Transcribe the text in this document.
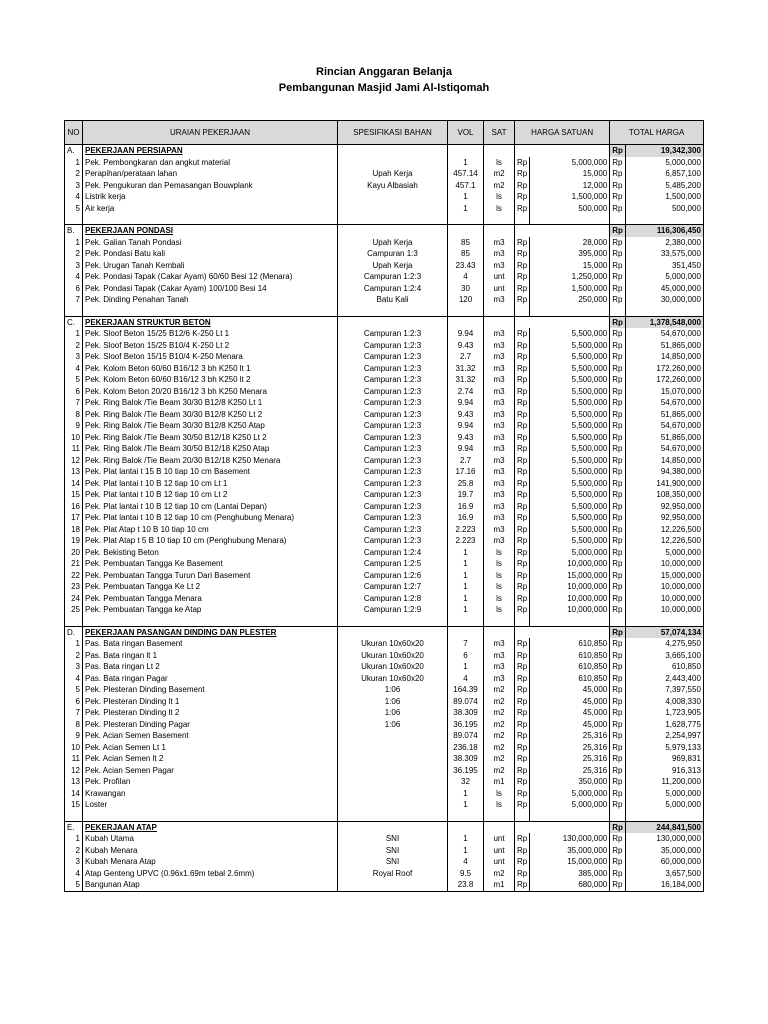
Rincian Anggaran Belanja
Pembangunan Masjid Jami Al-Istiqomah
NO	URAIAN PEKERJAAN	SPESIFIKASI BAHAN	VOL	SAT	HARGA SATUAN		TOTAL HARGA	
A.	PEKERJAAN PERSIAPAN						Rp	19,342,300
1	Pek. Pembongkaran dan angkut material		1	ls	Rp	5,000,000	Rp	5,000,000
2	Perapihan/perataan lahan	Upah Kerja	457.14	m2	Rp	15,000	Rp	6,857,100
3	Pek. Pengukuran dan Pemasangan Bouwplank	Kayu Albasiah	457.1	m2	Rp	12,000	Rp	5,485,200
4	Listrik kerja		1	ls	Rp	1,500,000	Rp	1,500,000
5	Air kerja		1	ls	Rp	500,000	Rp	500,000

B.	PEKERJAAN PONDASI						Rp	116,306,450
1	Pek. Galian Tanah Pondasi	Upah Kerja	85	m3	Rp	28,000	Rp	2,380,000
2	Pek. Pondasi Batu kali	Campuran 1:3	85	m3	Rp	395,000	Rp	33,575,000
3	Pek. Urugan Tanah Kembali	Upah Kerja	23.43	m3	Rp	15,000	Rp	351,450
4	Pek. Pondasi Tapak (Cakar Ayam) 60/60 Besi 12 (Menara)	Campuran 1:2:3	4	unt	Rp	1,250,000	Rp	5,000,000
6	Pek. Pondasi Tapak (Cakar Ayam) 100/100 Besi 14	Campuran 1:2:4	30	unt	Rp	1,500,000	Rp	45,000,000
7	Pek. Dinding Penahan Tanah	Batu Kali	120	m3	Rp	250,000	Rp	30,000,000

C.	PEKERJAAN STRUKTUR BETON						Rp	1,378,548,000
1	Pek. Sloof Beton 15/25 B12/6 K-250 Lt 1	Campuran 1:2:3	9.94	m3	Rp	5,500,000	Rp	54,670,000
2	Pek. Sloof Beton 15/25 B10/4 K-250 Lt 2	Campuran 1:2:3	9.43	m3	Rp	5,500,000	Rp	51,865,000
3	Pek. Sloof Beton 15/15 B10/4 K-250 Menara	Campuran 1:2:3	2.7	m3	Rp	5,500,000	Rp	14,850,000
4	Pek. Kolom Beton 60/60 B16/12 3 bh K250 lt 1	Campuran 1:2:3	31.32	m3	Rp	5,500,000	Rp	172,260,000
5	Pek. Kolom Beton 60/60 B16/12 3 bh K250 lt 2	Campuran 1:2:3	31.32	m3	Rp	5,500,000	Rp	172,260,000
6	Pek. Kolom Beton 20/20 B16/12 3 bh K250 Menara	Campuran 1:2:3	2.74	m3	Rp	5,500,000	Rp	15,070,000
7	Pek. Ring Balok /Tie Beam 30/30 B12/8 K250 Lt 1	Campuran 1:2:3	9.94	m3	Rp	5,500,000	Rp	54,670,000
8	Pek. Ring Balok /Tie Beam 30/30 B12/8 K250 Lt 2	Campuran 1:2:3	9.43	m3	Rp	5,500,000	Rp	51,865,000
9	Pek. Ring Balok /Tie Beam 30/30 B12/8 K250 Atap	Campuran 1:2:3	9.94	m3	Rp	5,500,000	Rp	54,670,000
10	Pek. Ring Balok /Tie Beam 30/50 B12/18 K250 Lt 2	Campuran 1:2:3	9.43	m3	Rp	5,500,000	Rp	51,865,000
11	Pek. Ring Balok /Tie Beam 30/50 B12/18 K250 Atap	Campuran 1:2:3	9.94	m3	Rp	5,500,000	Rp	54,670,000
12	Pek. Ring Balok /Tie Beam 20/30 B12/18 K250 Menara	Campuran 1:2:3	2.7	m3	Rp	5,500,000	Rp	14,850,000
13	Pek. Plat lantai t 15 B 10 tiap 10 cm Basement	Campuran 1:2:3	17.16	m3	Rp	5,500,000	Rp	94,380,000
14	Pek. Plat lantai t 10 B 12 tiap 10 cm Lt 1	Campuran 1:2:3	25.8	m3	Rp	5,500,000	Rp	141,900,000
15	Pek. Plat lantai t 10 B 12 tiap 10 cm Lt 2	Campuran 1:2:3	19.7	m3	Rp	5,500,000	Rp	108,350,000
16	Pek. Plat lantai t 10 B 12 tiap 10 cm (Lantai Depan)	Campuran 1:2:3	16.9	m3	Rp	5,500,000	Rp	92,950,000
17	Pek. Plat lantai t 10 B 12 tiap 10 cm (Penghubung Menara)	Campuran 1:2:3	16.9	m3	Rp	5,500,000	Rp	92,950,000
18	Pek. Plat Atap t 10 B 10 tiap 10 cm	Campuran 1:2:3	2.223	m3	Rp	5,500,000	Rp	12,226,500
19	Pek. Plat Atap t 5 B 10 tiap 10 cm (Penghubung Menara)	Campuran 1:2:3	2.223	m3	Rp	5,500,000	Rp	12,226,500
20	Pek. Bekisting Beton	Campuran 1:2:4	1	ls	Rp	5,000,000	Rp	5,000,000
21	Pek. Pembuatan Tangga Ke Basement	Campuran 1:2:5	1	ls	Rp	10,000,000	Rp	10,000,000
22	Pek. Pembuatan Tangga Turun Dari Basement	Campuran 1:2:6	1	ls	Rp	15,000,000	Rp	15,000,000
23	Pek. Pembuatan Tangga Ke Lt 2	Campuran 1:2:7	1	ls	Rp	10,000,000	Rp	10,000,000
24	Pek. Pembuatan Tangga Menara	Campuran 1:2:8	1	ls	Rp	10,000,000	Rp	10,000,000
25	Pek. Pembuatan Tangga ke Atap	Campuran 1:2:9	1	ls	Rp	10,000,000	Rp	10,000,000

D.	PEKERJAAN PASANGAN DINDING DAN PLESTER						Rp	57,074,134
1	Pas. Bata ringan Basement	Ukuran 10x60x20	7	m3	Rp	610,850	Rp	4,275,950
2	Pas. Bata ringan lt 1	Ukuran 10x60x20	6	m3	Rp	610,850	Rp	3,665,100
3	Pas. Bata ringan Lt 2	Ukuran 10x60x20	1	m3	Rp	610,850	Rp	610,850
4	Pas. Bata ringan Pagar	Ukuran 10x60x20	4	m3	Rp	610,850	Rp	2,443,400
5	Pek. Plesteran Dinding Basement	1:06	164.39	m2	Rp	45,000	Rp	7,397,550
6	Pek. Plesteran Dinding lt 1	1:06	89.074	m2	Rp	45,000	Rp	4,008,330
7	Pek. Plesteran Dinding lt 2	1:06	38.309	m2	Rp	45,000	Rp	1,723,905
8	Pek. Plesteran Dinding Pagar	1:06	36.195	m2	Rp	45,000	Rp	1,628,775
9	Pek. Acian Semen Basement		89.074	m2	Rp	25,316	Rp	2,254,997
10	Pek. Acian Semen Lt 1		236.18	m2	Rp	25,316	Rp	5,979,133
11	Pek. Acian Semen lt 2		38.309	m2	Rp	25,316	Rp	969,831
12	Pek. Acian Semen Pagar		36.195	m2	Rp	25,316	Rp	916,313
13	Pek. Profilan		32	m1	Rp	350,000	Rp	11,200,000
14	Krawangan		1	ls	Rp	5,000,000	Rp	5,000,000
15	Loster		1	ls	Rp	5,000,000	Rp	5,000,000

E.	PEKERJAAN ATAP						Rp	244,841,500
1	Kubah Utama	SNI	1	unt	Rp	130,000,000	Rp	130,000,000
2	Kubah Menara	SNI	1	unt	Rp	35,000,000	Rp	35,000,000
3	Kubah Menara Atap	SNI	4	unt	Rp	15,000,000	Rp	60,000,000
4	Atap Genteng UPVC (0.96x1.69m tebal 2.6mm)	Royal Roof	9.5	m2	Rp	385,000	Rp	3,657,500
5	Bangunan Atap		23.8	m1	Rp	680,000	Rp	16,184,000
